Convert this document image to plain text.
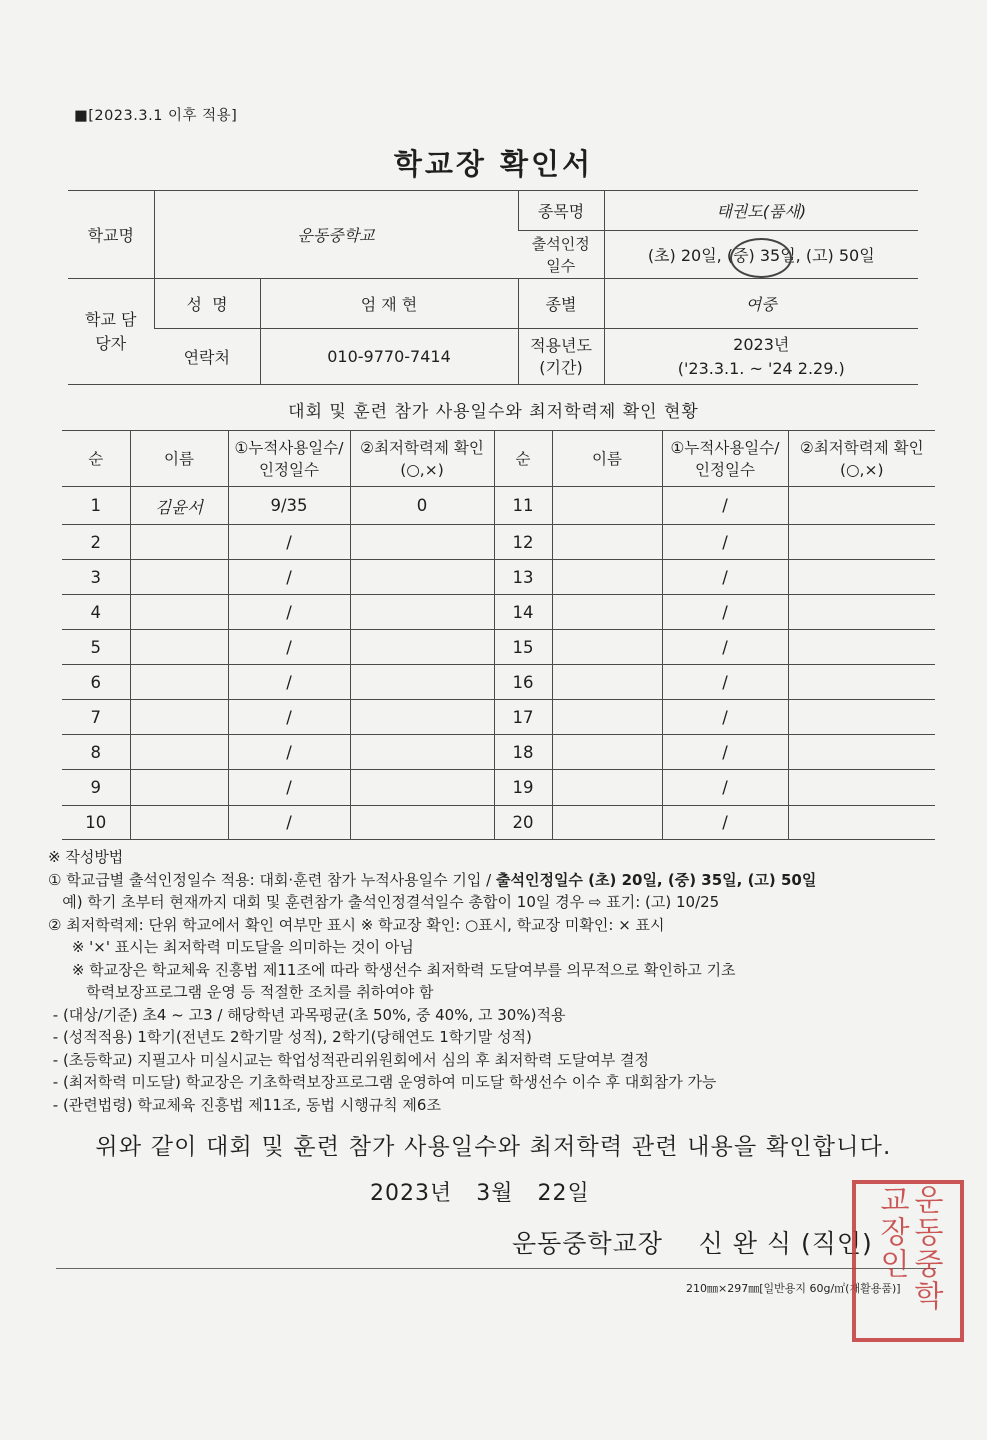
■[2023.3.1 이후 적용]
학교장 확인서
학교명	운동중학교		종목명	태권도(품새)
			출석인정 일수	(초) 20일, (중) 35일, (고) 50일
학교 담당자	성  명	엄 재 현	종별	여중
	연락처	010-9770-7414	적용년도 (기간)	2023년
('23.3.1. ~ '24 2.29.)
대회 및 훈련 참가 사용일수와 최저학력제 확인 현황
순	이름	①누적사용일수/인정일수	②최저학력제 확인(○,×)	순	이름	①누적사용일수/ 인정일수	②최저학력제 확인(○,×)
1	김윤서	9/35	0	11		/	
2		/		12		/	
3		/		13		/	
4		/		14		/	
5		/		15		/	
6		/		16		/	
7		/		17		/	
8		/		18		/	
9		/		19		/	
10		/		20		/	
※ 작성방법
① 학교급별 출석인정일수 적용: 대회·훈련 참가 누적사용일수 기입 / 출석인정일수 (초) 20일, (중) 35일, (고) 50일
예) 학기 초부터 현재까지 대회 및 훈련참가 출석인정결석일수 총합이 10일 경우 ⇨ 표기: (고) 10/25
② 최저학력제: 단위 학교에서 확인 여부만 표시 ※ 학교장 확인: ○표시, 학교장 미확인: × 표시
※ '×' 표시는 최저학력 미도달을 의미하는 것이 아님
※ 학교장은 학교체육 진흥법 제11조에 따라 학생선수 최저학력 도달여부를 의무적으로 확인하고 기초
학력보장프로그램 운영 등 적절한 조치를 취하여야 함
- (대상/기준) 초4 ~ 고3 / 해당학년 과목평균(초 50%, 중 40%, 고 30%)적용
- (성적적용) 1학기(전년도 2학기말 성적), 2학기(당해연도 1학기말 성적)
- (초등학교) 지필고사 미실시교는 학업성적관리위원회에서 심의 후 최저학력 도달여부 결정
- (최저학력 미도달) 학교장은 기초학력보장프로그램 운영하여 미도달 학생선수 이수 후 대회참가 가능
- (관련법령) 학교체육 진흥법 제11조, 동법 시행규칙 제6조
위와 같이 대회 및 훈련 참가 사용일수와 최저학력 관련 내용을 확인합니다.
2023년   3월   22일
운동중학교장    신 완 식 (직인)
210㎜×297㎜[일반용지 60g/㎡(재활용품)] 운동중학교장인
